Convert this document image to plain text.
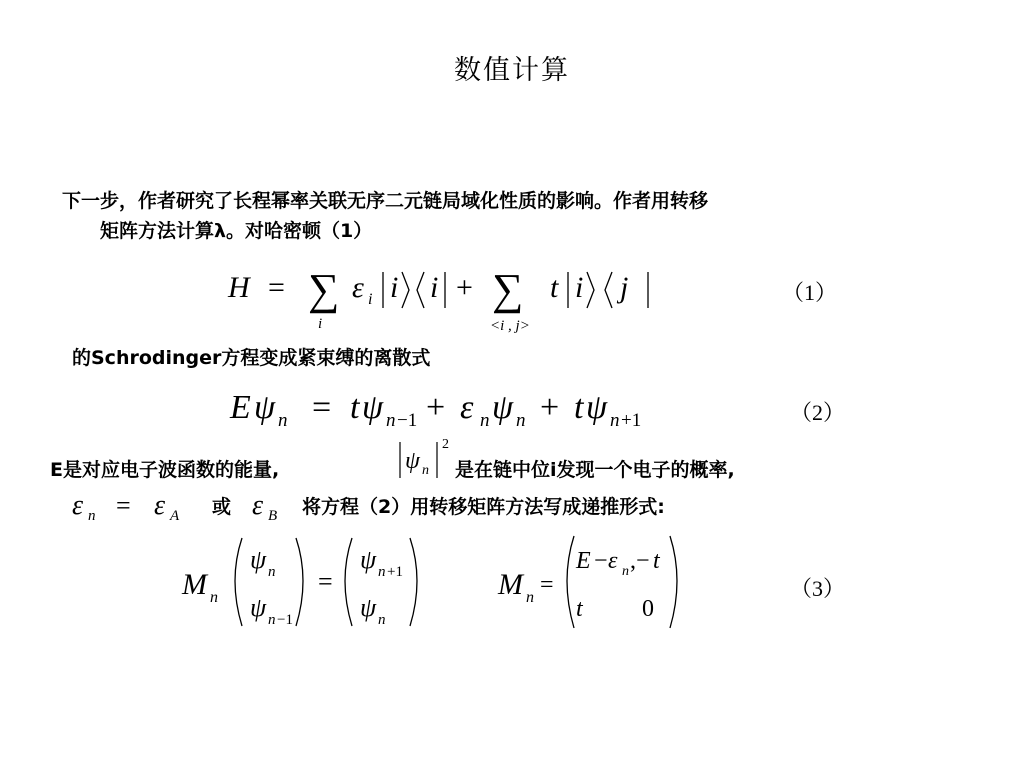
数值计算
下一步，作者研究了长程幂率关联无序二元链局域化性质的影响。作者用转移
矩阵方法计算λ。对哈密顿（1）
H = ∑
i
ε i i i + ∑
<i , j>
t i j	（1）
的Schrodinger方程变成紧束缚的离散式
E ψ n = t ψ n −1 + ε n ψ n + t ψ n +1	（2）
E是对应电子波函数的能量,	ψ n
2
是在链中位i发现一个电子的概率,
ε n = ε A 或 ε B 将方程（2）用转移矩阵方法写成递推形式:
M n
ψ n
ψ n −1
=
ψ n +1
ψ n
M n =
E − ε n ,− t
t 0
（3）
